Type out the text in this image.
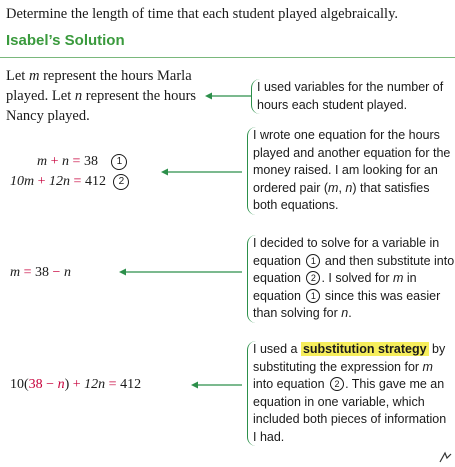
Determine the length of time that each student played algebraically.
Isabel’s Solution
Let m represent the hours Marla played. Let n represent the hours Nancy played.
I used variables for the number of hours each student played.
m + n = 38 1
10m + 12n = 412 2
I wrote one equation for the hours played and another equation for the money raised. I am looking for an ordered pair (m, n) that satisfies both equations.
m = 38 − n
I decided to solve for a variable in equation 1 and then substitute into equation 2 . I solved for m in equation 1 since this was easier than solving for n.
10(38 − n) + 12n = 412
I used a substitution strategy by substituting the expression for m into equation 2 . This gave me an equation in one variable, which included both pieces of information I had.
